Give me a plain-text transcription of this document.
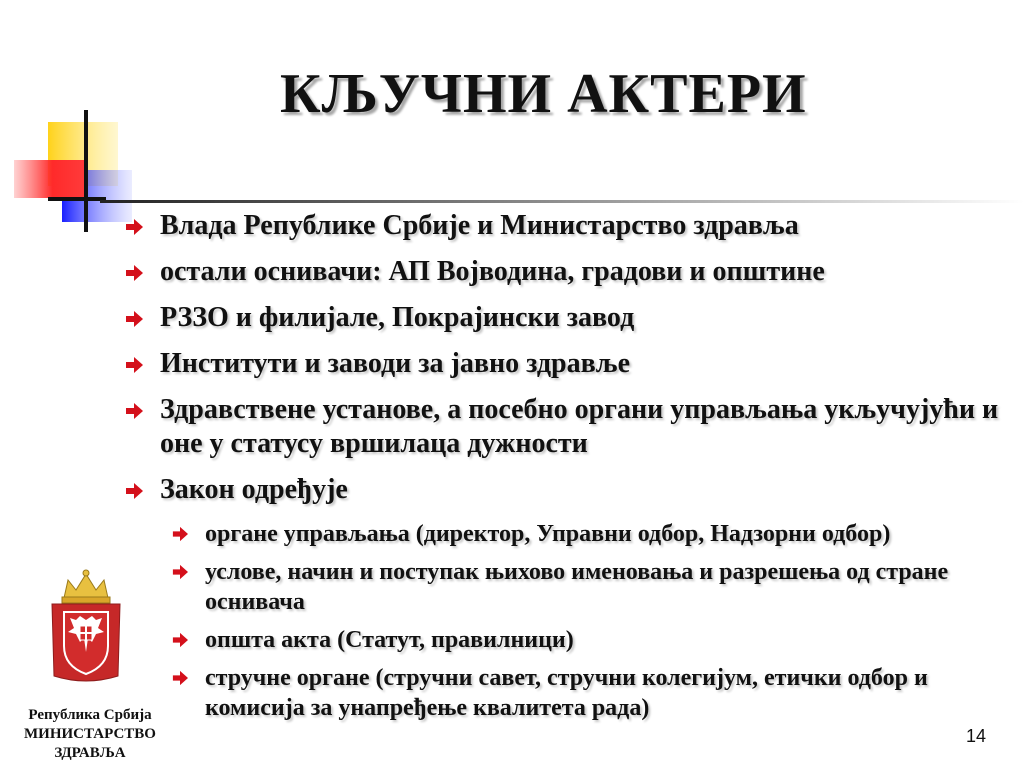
КЉУЧНИ АКТЕРИ
Влада Републике Србије и Министарство здравља
остали оснивачи: АП Војводина, градови и општине
РЗЗО и филијале, Покрајински завод
Институти и заводи за јавно здравље
Здравствене установе, а посебно органи управљања укључујући и оне у статусу вршилаца дужности
Закон одређује
органе управљања (директор, Управни одбор, Надзорни одбор)
услове, начин и поступак њихово именовања и разрешења од стране оснивача
општа акта (Статут, правилници)
стручне органе (стручни савет, стручни колегијум, етички одбор и комисија за унапређење квалитета рада)
Република Србија
МИНИСТАРСТВО
ЗДРАВЉА
14
